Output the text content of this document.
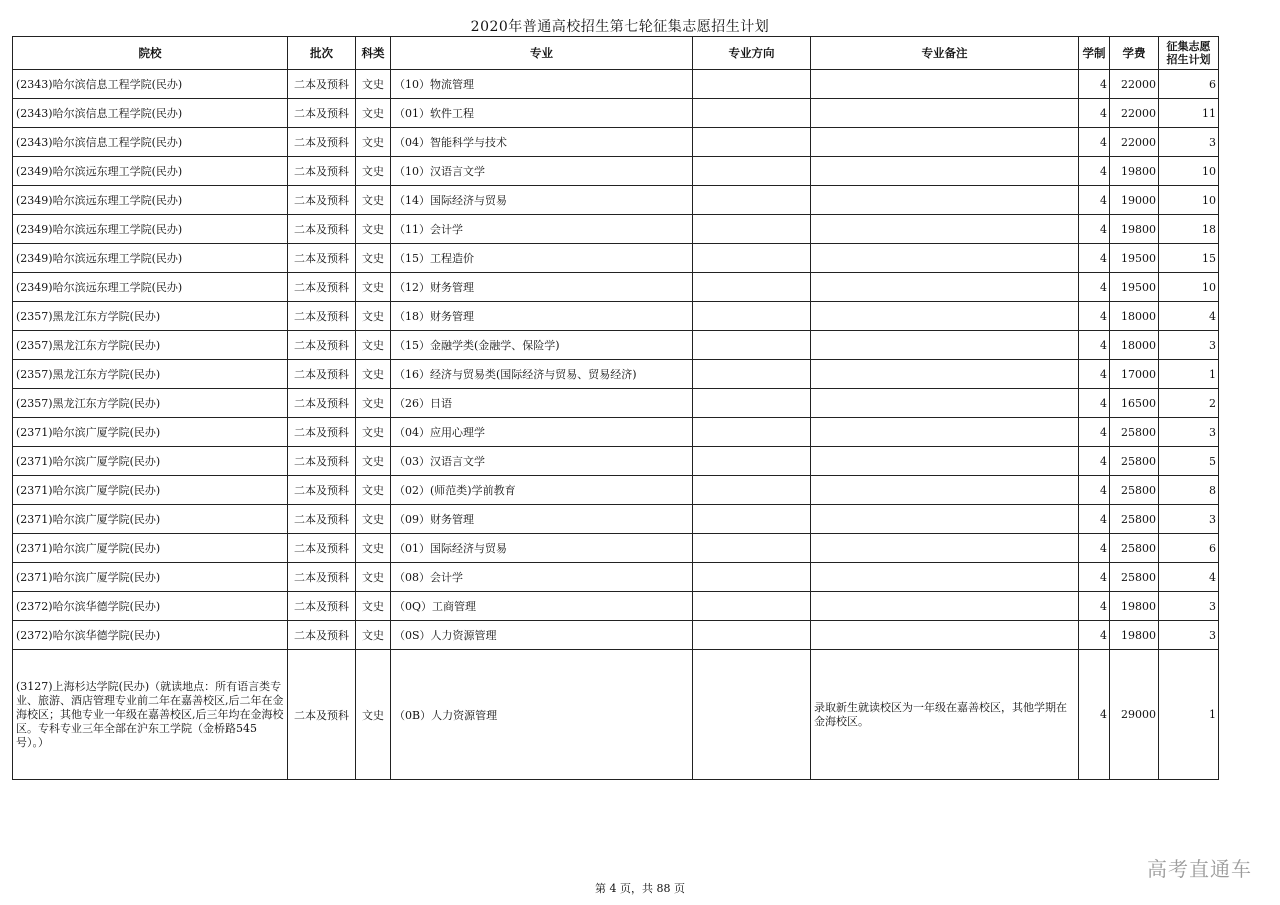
2020年普通高校招生第七轮征集志愿招生计划
院校	批次	科类	专业	专业方向	专业备注	学制	学费	征集志愿招生计划
(2343)哈尔滨信息工程学院(民办)	二本及预科	文史	（10）物流管理			4	22000	6
(2343)哈尔滨信息工程学院(民办)	二本及预科	文史	（01）软件工程			4	22000	11
(2343)哈尔滨信息工程学院(民办)	二本及预科	文史	（04）智能科学与技术			4	22000	3
(2349)哈尔滨远东理工学院(民办)	二本及预科	文史	（10）汉语言文学			4	19800	10
(2349)哈尔滨远东理工学院(民办)	二本及预科	文史	（14）国际经济与贸易			4	19000	10
(2349)哈尔滨远东理工学院(民办)	二本及预科	文史	（11）会计学			4	19800	18
(2349)哈尔滨远东理工学院(民办)	二本及预科	文史	（15）工程造价			4	19500	15
(2349)哈尔滨远东理工学院(民办)	二本及预科	文史	（12）财务管理			4	19500	10
(2357)黑龙江东方学院(民办)	二本及预科	文史	（18）财务管理			4	18000	4
(2357)黑龙江东方学院(民办)	二本及预科	文史	（15）金融学类(金融学、保险学)			4	18000	3
(2357)黑龙江东方学院(民办)	二本及预科	文史	（16）经济与贸易类(国际经济与贸易、贸易经济)			4	17000	1
(2357)黑龙江东方学院(民办)	二本及预科	文史	（26）日语			4	16500	2
(2371)哈尔滨广厦学院(民办)	二本及预科	文史	（04）应用心理学			4	25800	3
(2371)哈尔滨广厦学院(民办)	二本及预科	文史	（03）汉语言文学			4	25800	5
(2371)哈尔滨广厦学院(民办)	二本及预科	文史	（02）(师范类)学前教育			4	25800	8
(2371)哈尔滨广厦学院(民办)	二本及预科	文史	（09）财务管理			4	25800	3
(2371)哈尔滨广厦学院(民办)	二本及预科	文史	（01）国际经济与贸易			4	25800	6
(2371)哈尔滨广厦学院(民办)	二本及预科	文史	（08）会计学			4	25800	4
(2372)哈尔滨华德学院(民办)	二本及预科	文史	（0Q）工商管理			4	19800	3
(2372)哈尔滨华德学院(民办)	二本及预科	文史	（0S）人力资源管理			4	19800	3
(3127)上海杉达学院(民办)（就读地点：所有语言类专业、旅游、酒店管理专业前二年在嘉善校区,后二年在金海校区；其他专业一年级在嘉善校区,后三年均在金海校区。专科专业三年全部在沪东工学院（金桥路545号）。）	二本及预科	文史	（0B）人力资源管理		录取新生就读校区为一年级在嘉善校区，其他学期在金海校区。	4	29000	1
第 4 页，共 88 页
高考直通车
